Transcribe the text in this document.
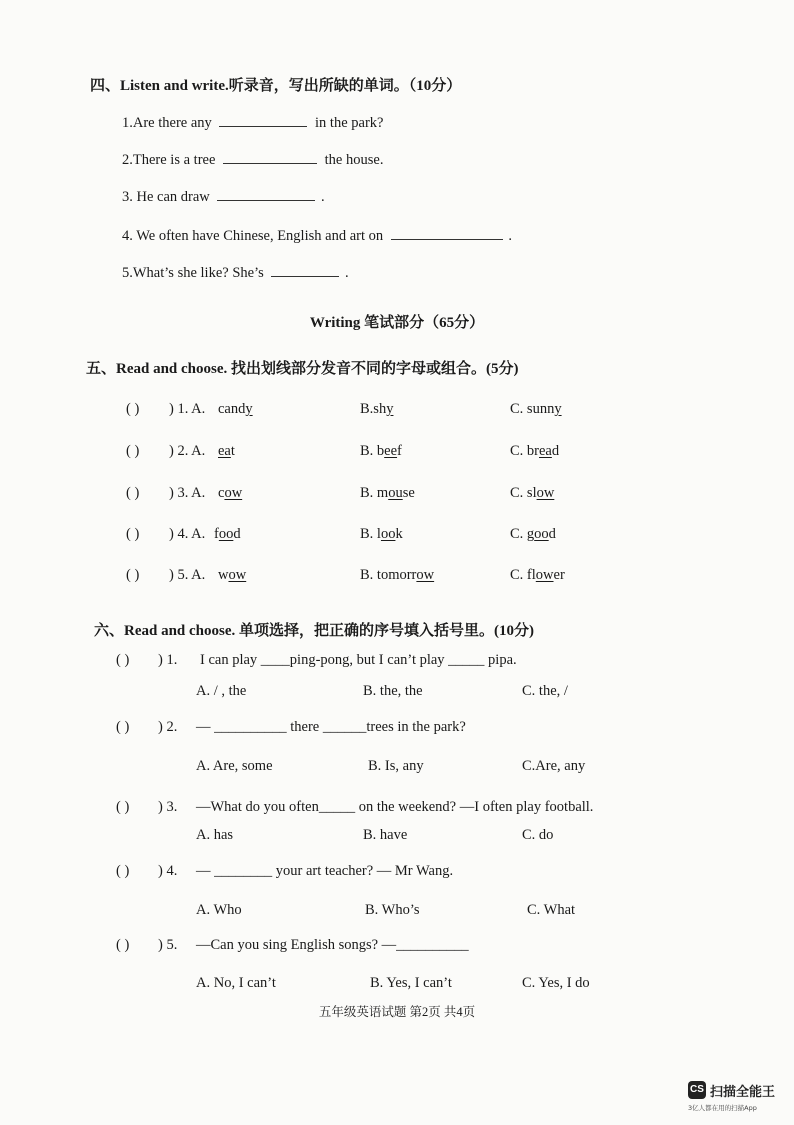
四、Listen and write.听录音，写出所缺的单词。（10分）
1.Are there any	in the park?
2.There is a tree	the house.
3. He can draw	.
4. We often have Chinese, English and art on	.
5.What’s she like? She’s	.
Writing 笔试部分（65分）
五、Read and choose. 找出划线部分发音不同的字母或组合。(5分)
( ) ) 1. A. candy	B.shy	C. sunny
( ) ) 2. A. eat	B. beef	C. bread
( ) ) 3. A. cow	B. mouse	C. slow
( ) ) 4. A. food	B. look	C. good
( ) ) 5. A. wow	B. tomorrow	C. flower
六、Read and choose. 单项选择，把正确的序号填入括号里。(10分)
( ) ) 1. I can play ____ping-pong, but I can’t play _____ pipa.
A. / , the	B. the, the	C. the, /
( ) ) 2. — __________ there ______trees in the park?
A. Are, some	B. Is, any	C.Are, any
( ) ) 3. —What do you often_____ on the weekend? —I often play football.
A. has	B. have	C. do
( ) ) 4. — ________ your art teacher? — Mr Wang.
A. Who	B. Who’s	C. What
( ) ) 5. —Can you sing English songs? —__________
A. No, I can’t	B. Yes, I can’t	C. Yes, I do
五年级英语试题 第2页 共4页
CS 扫描全能王
3亿人都在用的扫描App
